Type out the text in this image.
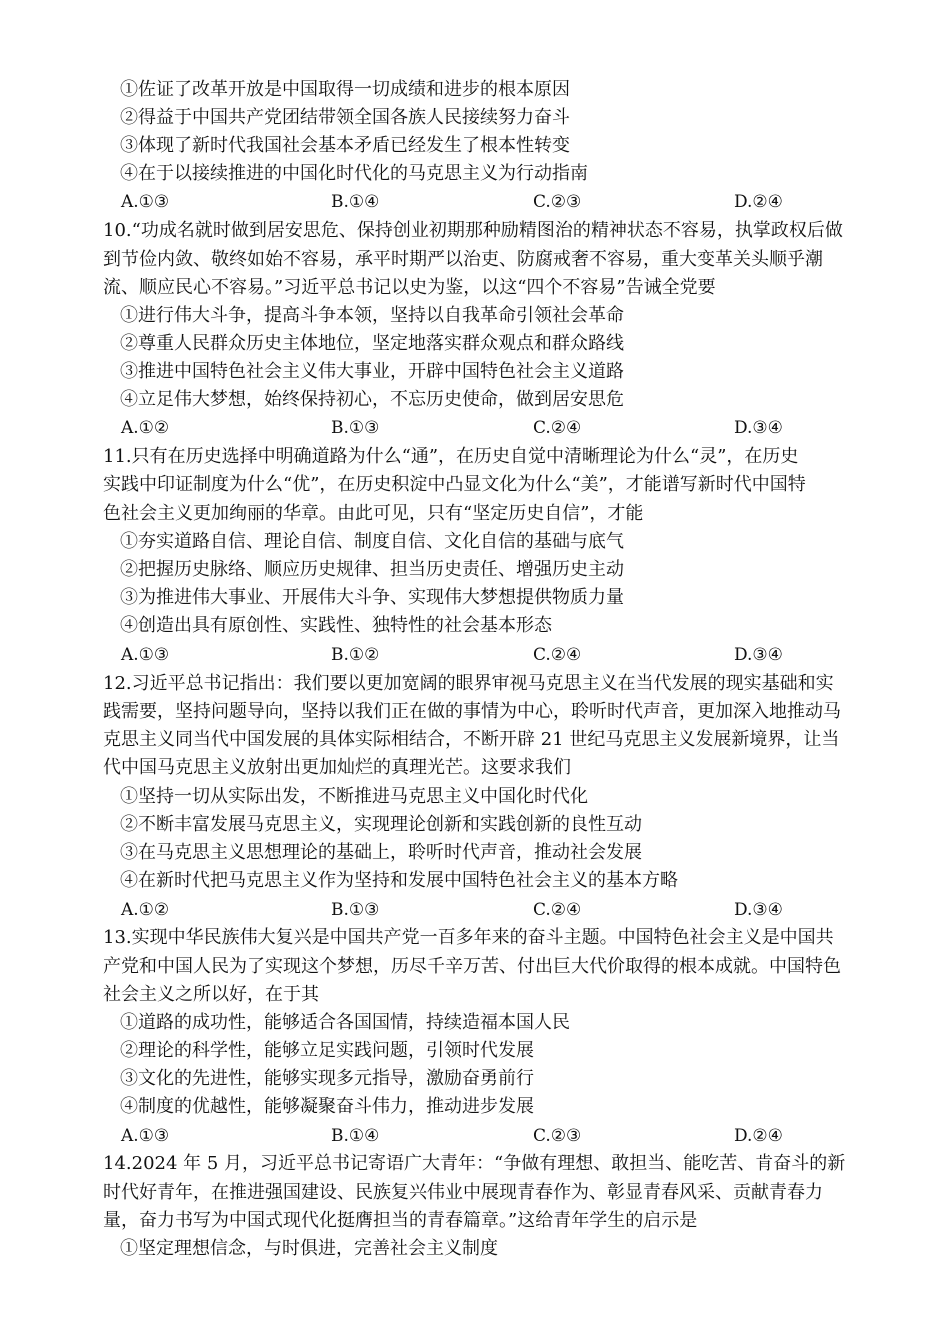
①佐证了改革开放是中国取得一切成绩和进步的根本原因
②得益于中国共产党团结带领全国各族人民接续努力奋斗
③体现了新时代我国社会基本矛盾已经发生了根本性转变
④在于以接续推进的中国化时代化的马克思主义为行动指南
A.①③	B.①④	C.②③	D.②④
10.“功成名就时做到居安思危、保持创业初期那种励精图治的精神状态不容易，执掌政权后做
到节俭内敛、敬终如始不容易，承平时期严以治吏、防腐戒奢不容易，重大变革关头顺乎潮
流、顺应民心不容易。”习近平总书记以史为鉴，以这“四个不容易”告诫全党要
①进行伟大斗争，提高斗争本领，坚持以自我革命引领社会革命
②尊重人民群众历史主体地位，坚定地落实群众观点和群众路线
③推进中国特色社会主义伟大事业，开辟中国特色社会主义道路
④立足伟大梦想，始终保持初心，不忘历史使命，做到居安思危
A.①②	B.①③	C.②④	D.③④
11.只有在历史选择中明确道路为什么“通”，在历史自觉中清晰理论为什么“灵”，在历史
实践中印证制度为什么“优”，在历史积淀中凸显文化为什么“美”，才能谱写新时代中国特
色社会主义更加绚丽的华章。由此可见，只有“坚定历史自信”，才能
①夯实道路自信、理论自信、制度自信、文化自信的基础与底气
②把握历史脉络、顺应历史规律、担当历史责任、增强历史主动
③为推进伟大事业、开展伟大斗争、实现伟大梦想提供物质力量
④创造出具有原创性、实践性、独特性的社会基本形态
A.①③	B.①②	C.②④	D.③④
12.习近平总书记指出：我们要以更加宽阔的眼界审视马克思主义在当代发展的现实基础和实
践需要，坚持问题导向，坚持以我们正在做的事情为中心，聆听时代声音，更加深入地推动马
克思主义同当代中国发展的具体实际相结合，不断开辟 21 世纪马克思主义发展新境界，让当
代中国马克思主义放射出更加灿烂的真理光芒。这要求我们
①坚持一切从实际出发，不断推进马克思主义中国化时代化
②不断丰富发展马克思主义，实现理论创新和实践创新的良性互动
③在马克思主义思想理论的基础上，聆听时代声音，推动社会发展
④在新时代把马克思主义作为坚持和发展中国特色社会主义的基本方略
A.①②	B.①③	C.②④	D.③④
13.实现中华民族伟大复兴是中国共产党一百多年来的奋斗主题。中国特色社会主义是中国共
产党和中国人民为了实现这个梦想，历尽千辛万苦、付出巨大代价取得的根本成就。中国特色
社会主义之所以好，在于其
①道路的成功性，能够适合各国国情，持续造福本国人民
②理论的科学性，能够立足实践问题，引领时代发展
③文化的先进性，能够实现多元指导，激励奋勇前行
④制度的优越性，能够凝聚奋斗伟力，推动进步发展
A.①③	B.①④	C.②③	D.②④
14.2024 年 5 月，习近平总书记寄语广大青年：“争做有理想、敢担当、能吃苦、肯奋斗的新
时代好青年，在推进强国建设、民族复兴伟业中展现青春作为、彰显青春风采、贡献青春力
量，奋力书写为中国式现代化挺膺担当的青春篇章。”这给青年学生的启示是
①坚定理想信念，与时俱进，完善社会主义制度
